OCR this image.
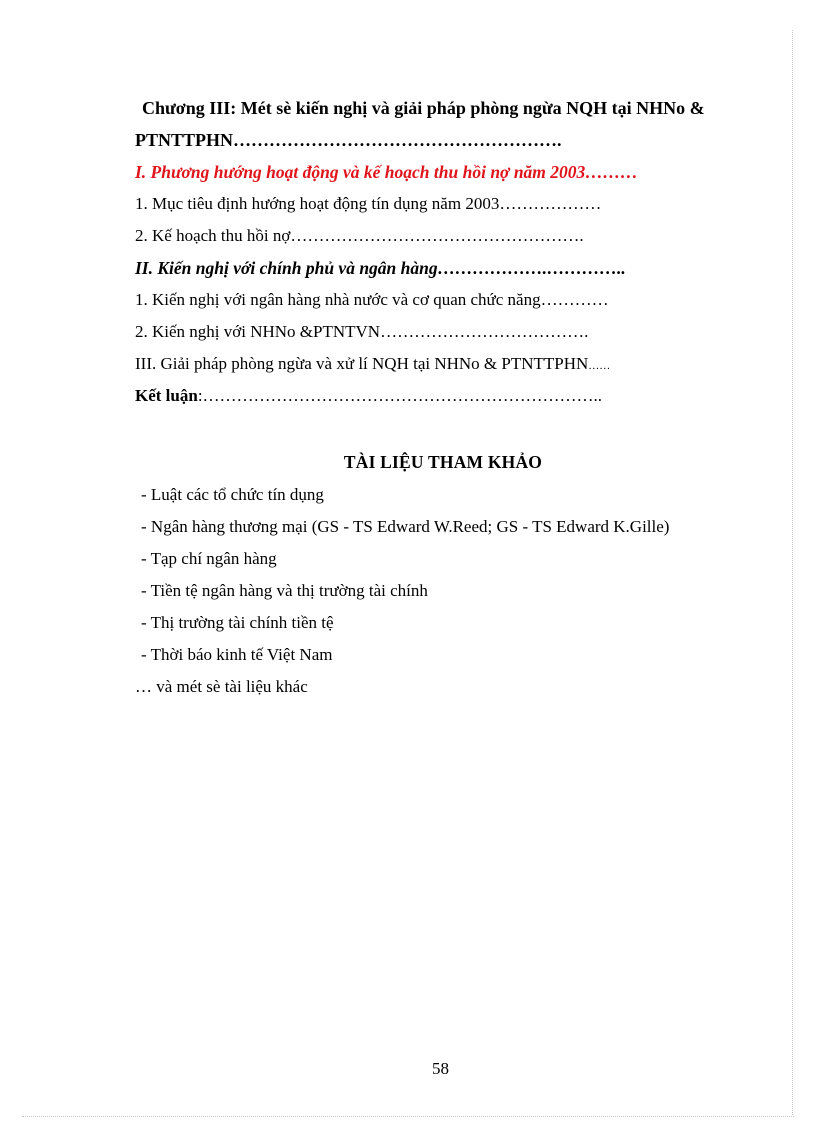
Chương III: Mét sè kiến nghị và giải pháp phòng ngừa NQH tại NHNo &
PTNTTPHN……………………………………………….
I. Phương hướng hoạt động và kế hoạch thu hồi nợ năm 2003………
1. Mục tiêu định hướng hoạt động tín dụng năm 2003………………
2. Kế hoạch thu hồi nợ…………………………………………….
II. Kiến nghị với chính phủ và ngân hàng……………….…………..
1. Kiến nghị với ngân hàng nhà nước và cơ quan chức năng…………
2. Kiến nghị với NHNo &PTNTVN……………………………….
III. Giải pháp phòng ngừa và xử lí NQH tại NHNo & PTNTTPHN……
Kết luận:……………………………………………………………..
TÀI LIỆU THAM KHẢO
- Luật các tổ chức tín dụng
- Ngân hàng thương mại (GS - TS Edward W.Reed; GS - TS Edward K.Gille)
- Tạp chí ngân hàng
- Tiền tệ ngân hàng và thị trường tài chính
- Thị trường tài chính tiền tệ
- Thời báo kinh tế Việt Nam
… và mét sè tài liệu khác
58
